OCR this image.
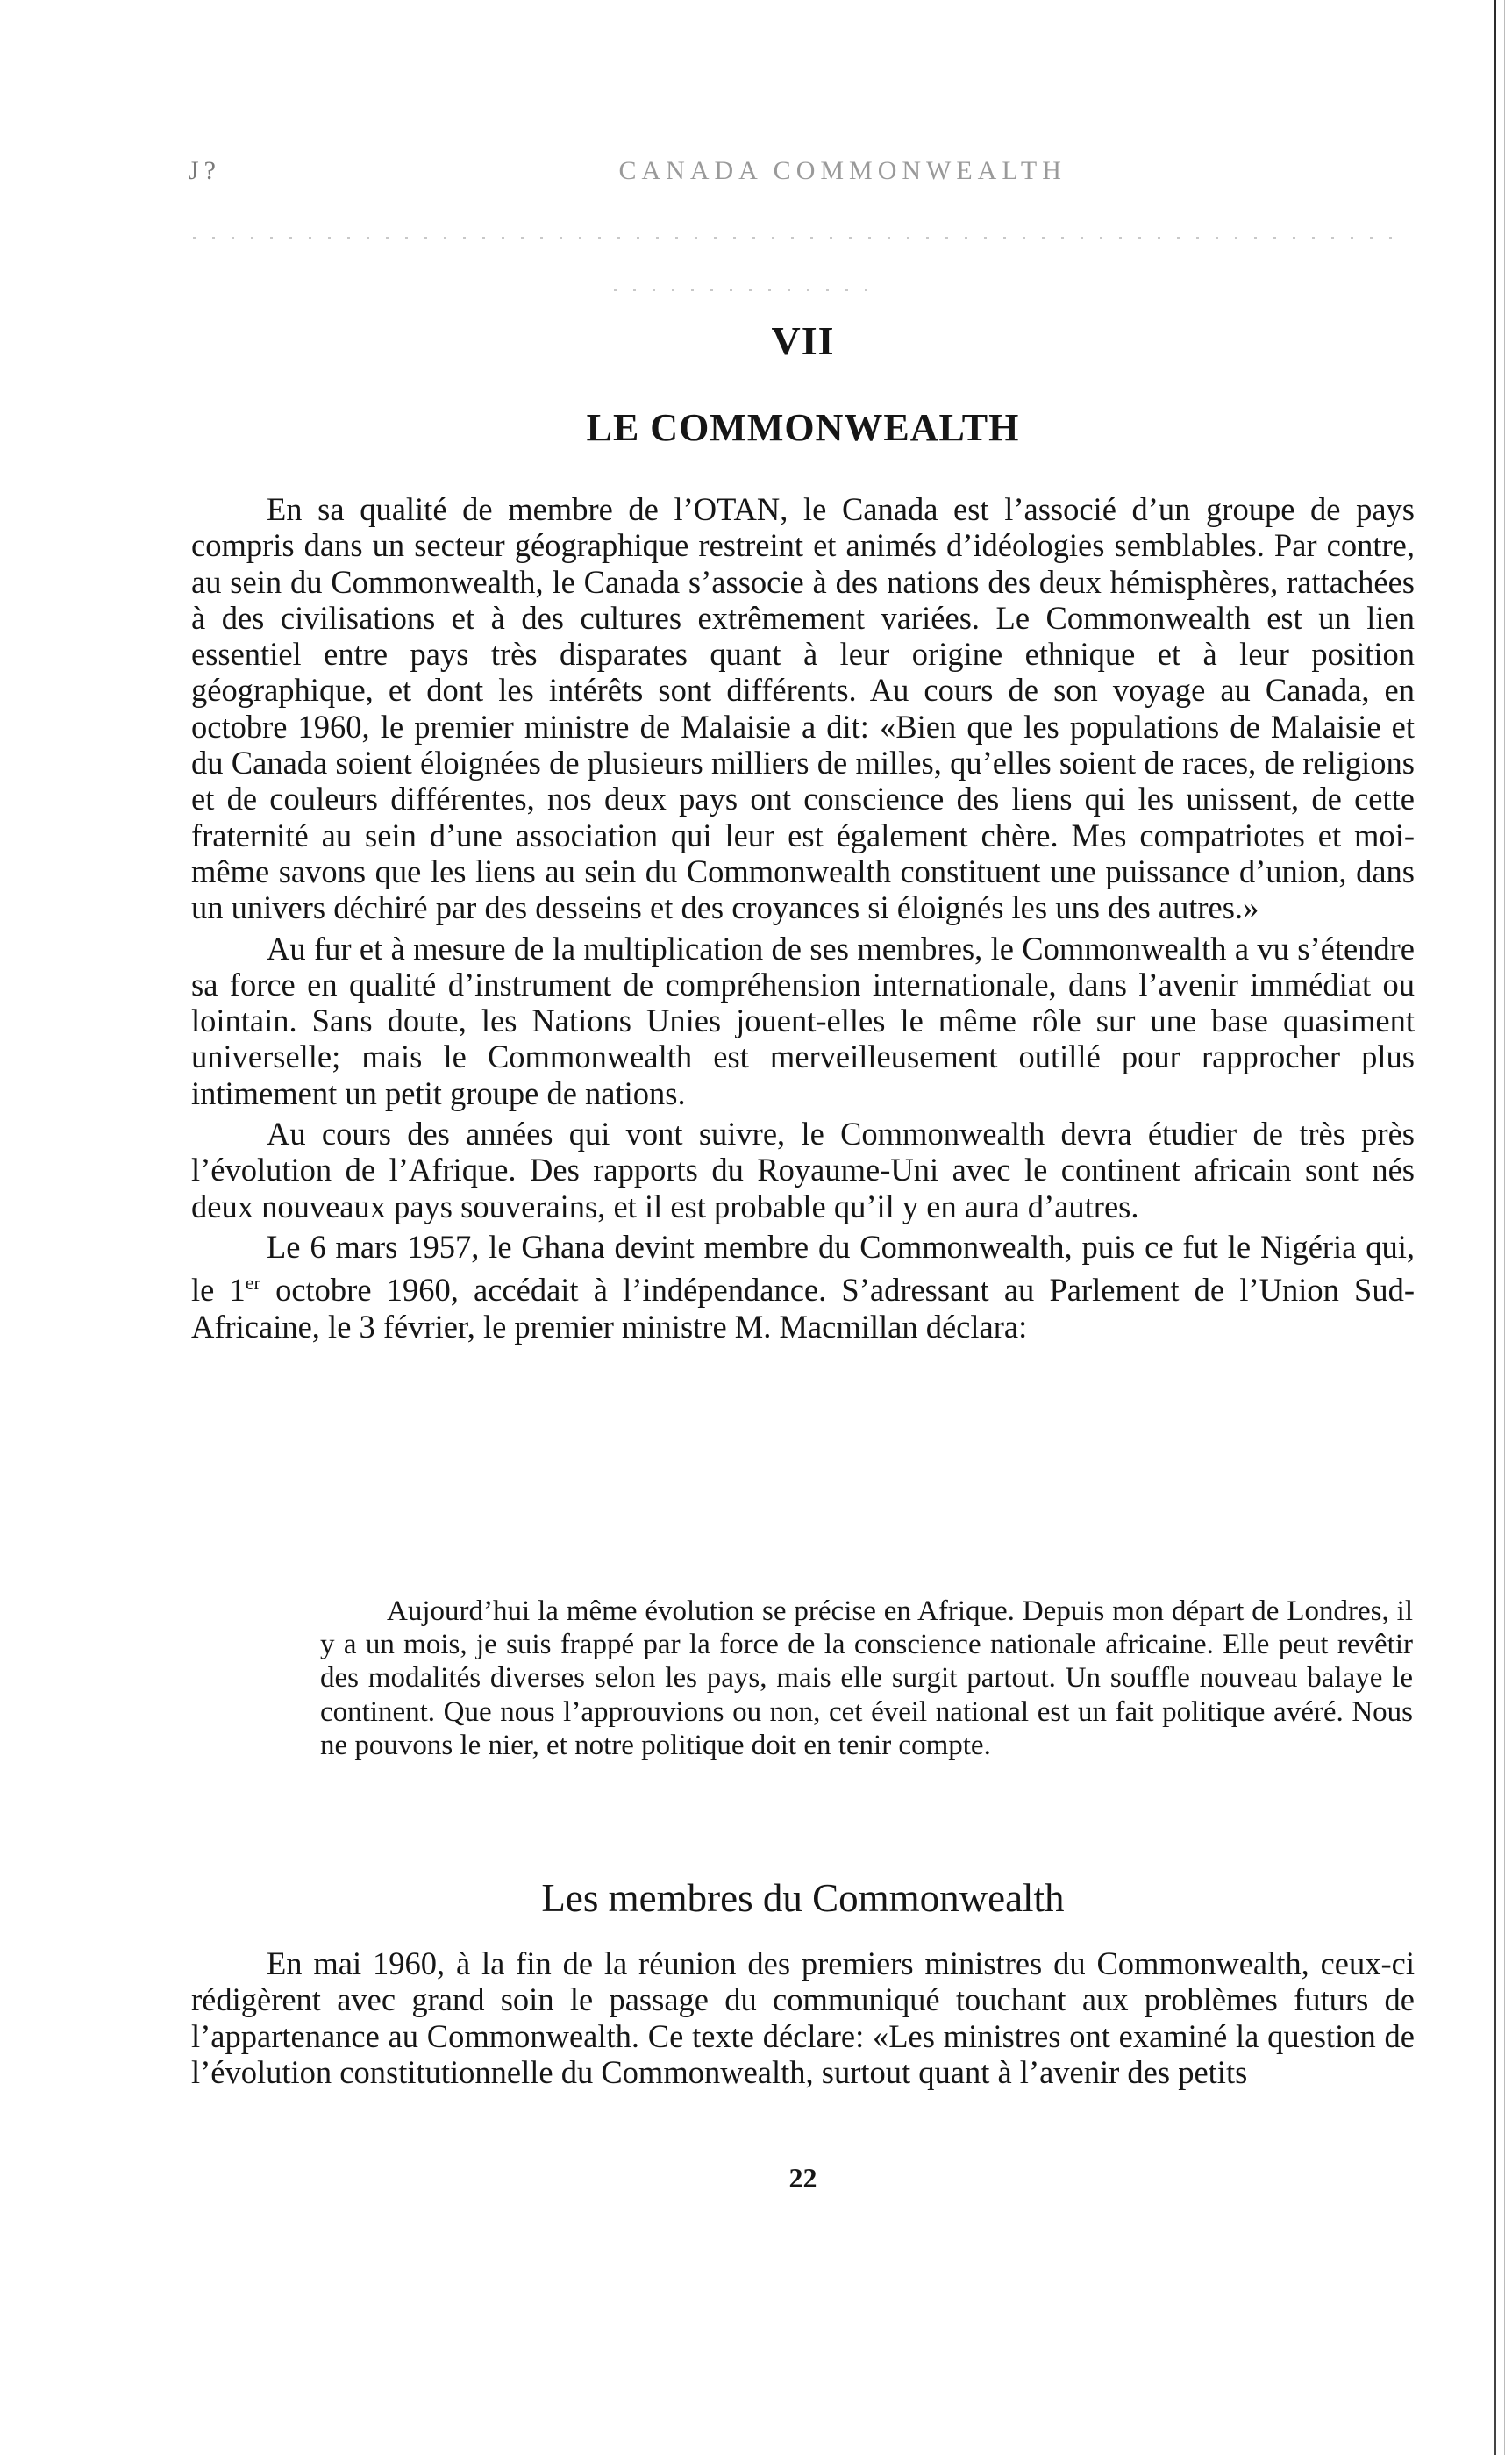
J?	CANADA COMMONWEALTH
VII
LE COMMONWEALTH

En sa qualité de membre de l’OTAN, le Canada est l’associé d’un groupe de pays compris dans un secteur géographique restreint et animés d’idéologies semblables. Par contre, au sein du Commonwealth, le Canada s’associe à des nations des deux hémisphères, rattachées à des civilisations et à des cultures extrêmement variées. Le Commonwealth est un lien essentiel entre pays très disparates quant à leur origine ethnique et à leur position géographique, et dont les intérêts sont différents. Au cours de son voyage au Canada, en octobre 1960, le premier ministre de Malaisie a dit: «Bien que les populations de Malaisie et du Canada soient éloignées de plusieurs milliers de milles, qu’elles soient de races, de religions et de couleurs différentes, nos deux pays ont conscience des liens qui les unissent, de cette fraternité au sein d’une association qui leur est également chère. Mes compatriotes et moi-même savons que les liens au sein du Commonwealth constituent une puissance d’union, dans un univers déchiré par des desseins et des croyances si éloignés les uns des autres.»

Au fur et à mesure de la multiplication de ses membres, le Commonwealth a vu s’étendre sa force en qualité d’instrument de compréhension internationale, dans l’avenir immédiat ou lointain. Sans doute, les Nations Unies jouent-elles le même rôle sur une base quasiment universelle; mais le Commonwealth est merveilleusement outillé pour rapprocher plus intimement un petit groupe de nations.

Au cours des années qui vont suivre, le Commonwealth devra étudier de très près l’évolution de l’Afrique. Des rapports du Royaume-Uni avec le continent africain sont nés deux nouveaux pays souverains, et il est probable qu’il y en aura d’autres.

Le 6 mars 1957, le Ghana devint membre du Commonwealth, puis ce fut le Nigéria qui, le 1er octobre 1960, accédait à l’indépendance. S’adressant au Parlement de l’Union Sud-Africaine, le 3 février, le premier ministre M. Macmillan déclara:

Aujourd’hui la même évolution se précise en Afrique. Depuis mon départ de Londres, il y a un mois, je suis frappé par la force de la conscience nationale africaine. Elle peut revêtir des modalités diverses selon les pays, mais elle surgit partout. Un souffle nouveau balaye le continent. Que nous l’approuvions ou non, cet éveil national est un fait politique avéré. Nous ne pouvons le nier, et notre politique doit en tenir compte.

Les membres du Commonwealth

En mai 1960, à la fin de la réunion des premiers ministres du Commonwealth, ceux-ci rédigèrent avec grand soin le passage du communiqué touchant aux problèmes futurs de l’appartenance au Commonwealth. Ce texte déclare: «Les ministres ont examiné la question de l’évolution constitutionnelle du Commonwealth, surtout quant à l’avenir des petits

22
